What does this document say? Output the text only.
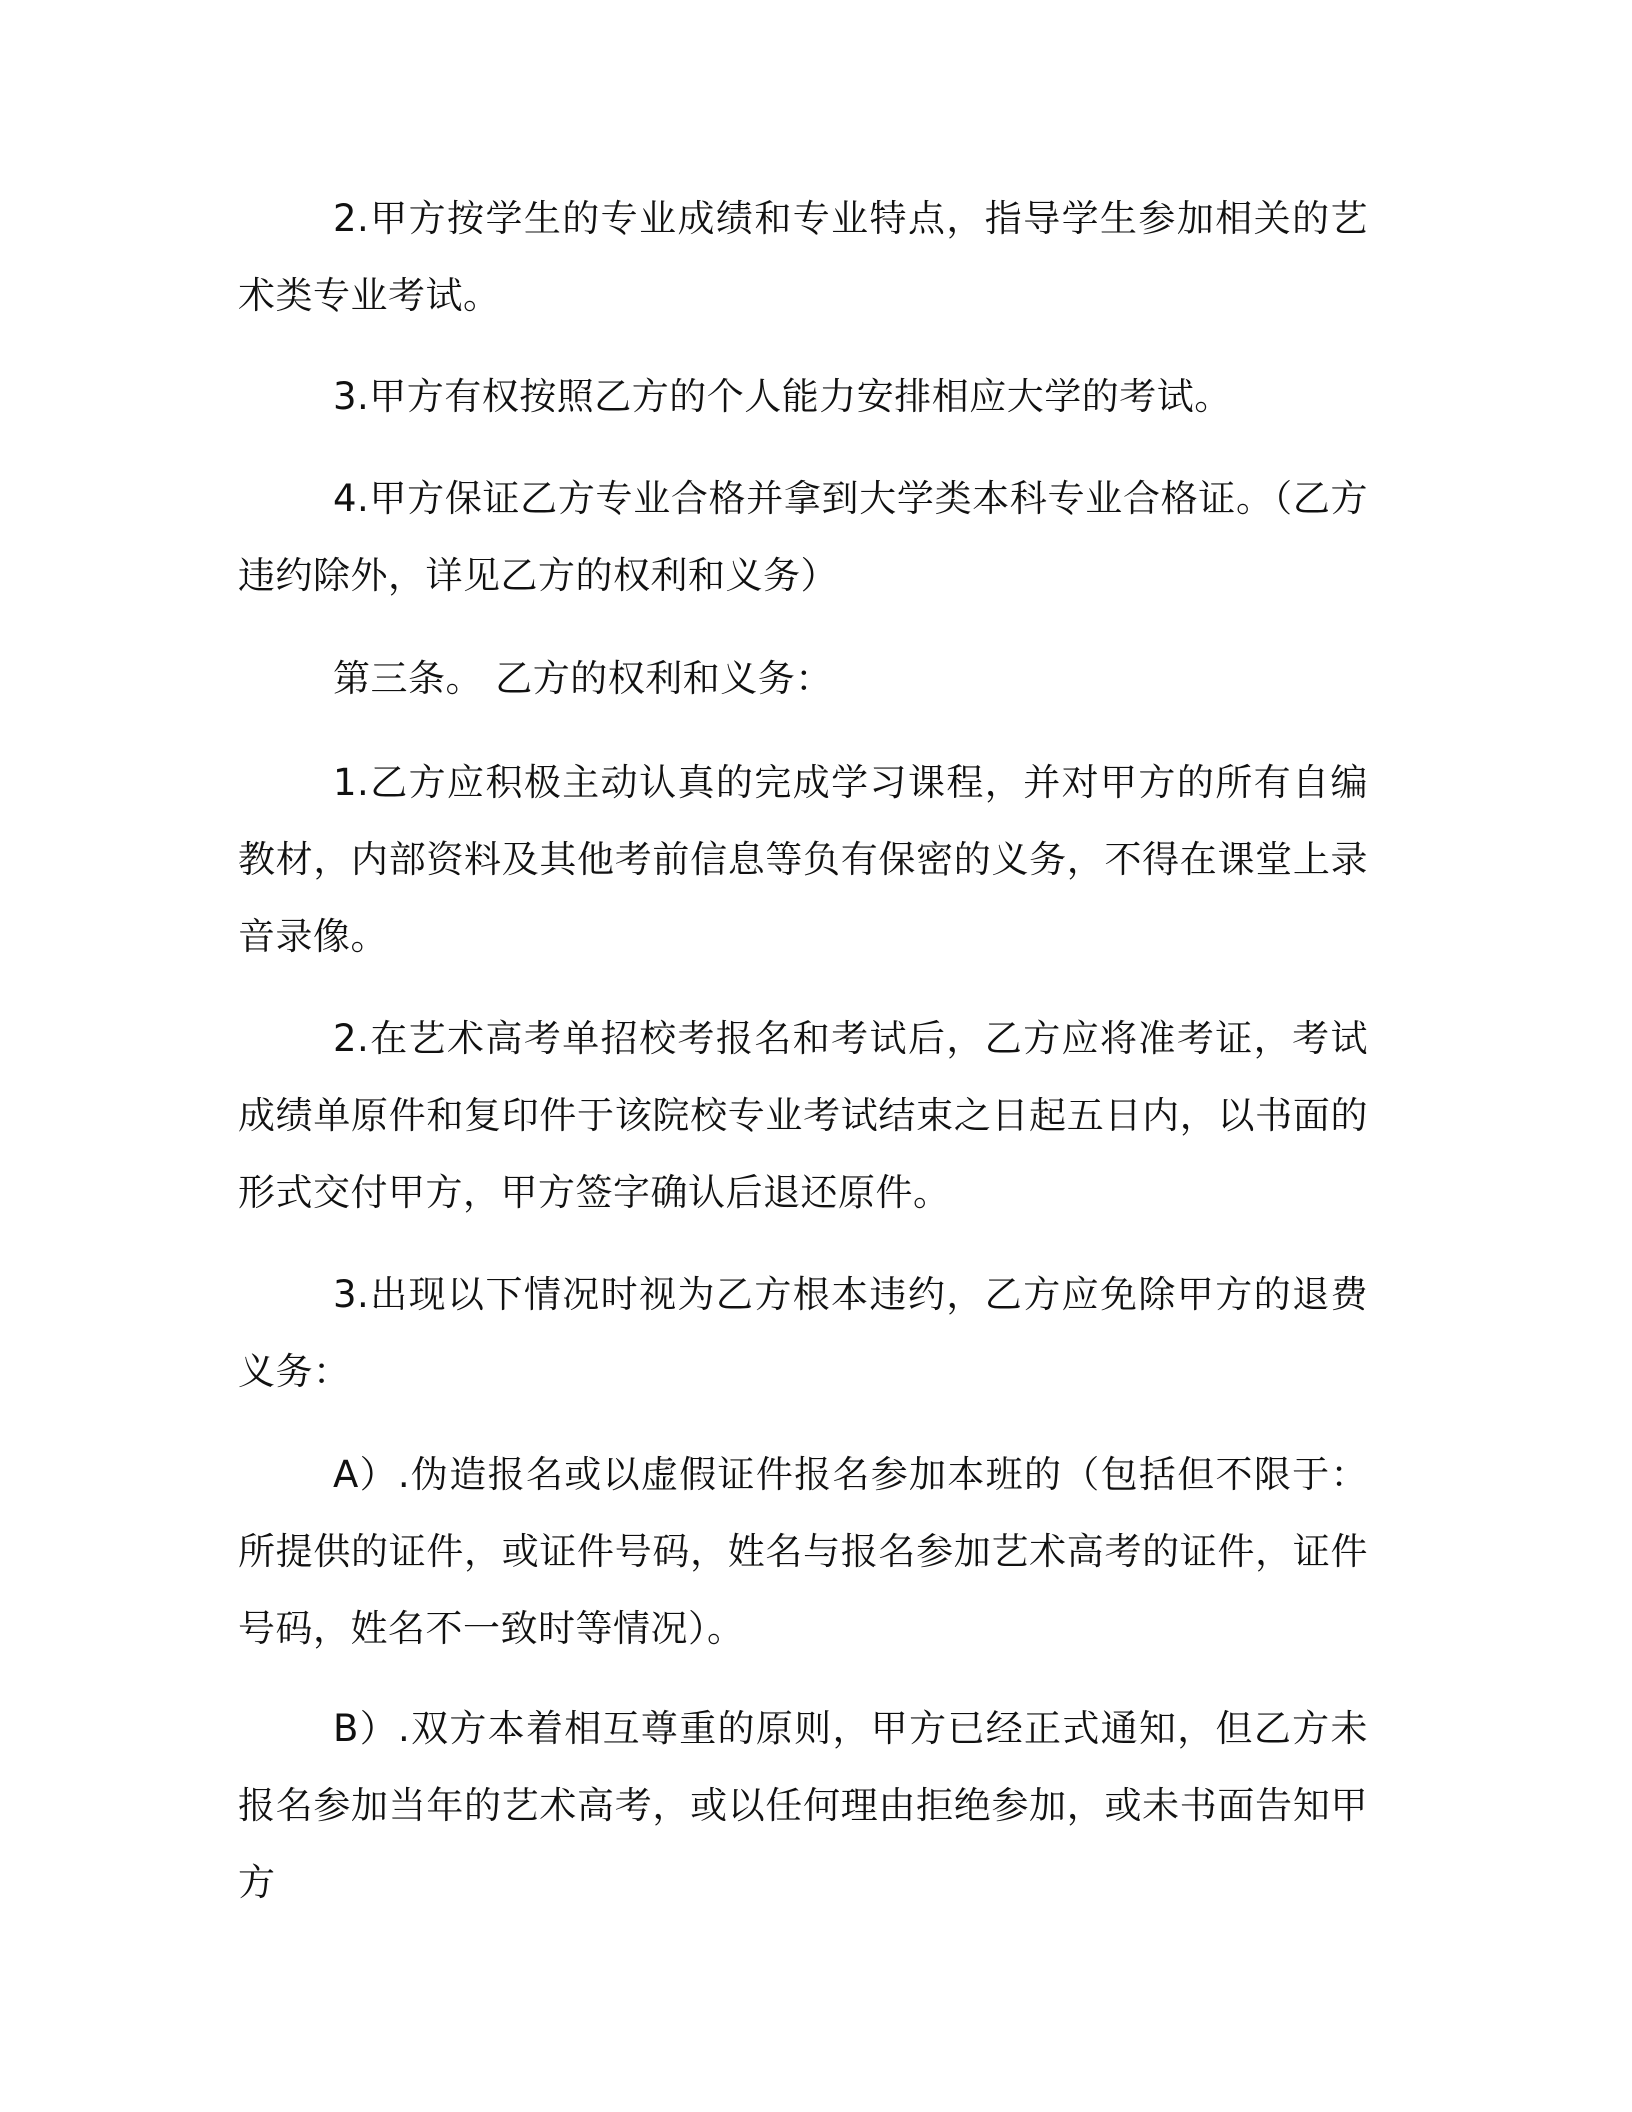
2.甲方按学生的专业成绩和专业特点，指导学生参加相关的艺术类专业考试。

3.甲方有权按照乙方的个人能力安排相应大学的考试。

4.甲方保证乙方专业合格并拿到大学类本科专业合格证。（乙方违约除外，详见乙方的权利和义务）

第三条。 乙方的权利和义务：

1.乙方应积极主动认真的完成学习课程，并对甲方的所有自编教材，内部资料及其他考前信息等负有保密的义务，不得在课堂上录音录像。

2.在艺术高考单招校考报名和考试后，乙方应将准考证，考试成绩单原件和复印件于该院校专业考试结束之日起五日内，以书面的形式交付甲方，甲方签字确认后退还原件。

3.出现以下情况时视为乙方根本违约，乙方应免除甲方的退费义务：

A）.伪造报名或以虚假证件报名参加本班的（包括但不限于：所提供的证件，或证件号码，姓名与报名参加艺术高考的证件，证件号码，姓名不一致时等情况）。

B）.双方本着相互尊重的原则，甲方已经正式通知，但乙方未报名参加当年的艺术高考，或以任何理由拒绝参加，或未书面告知甲方
